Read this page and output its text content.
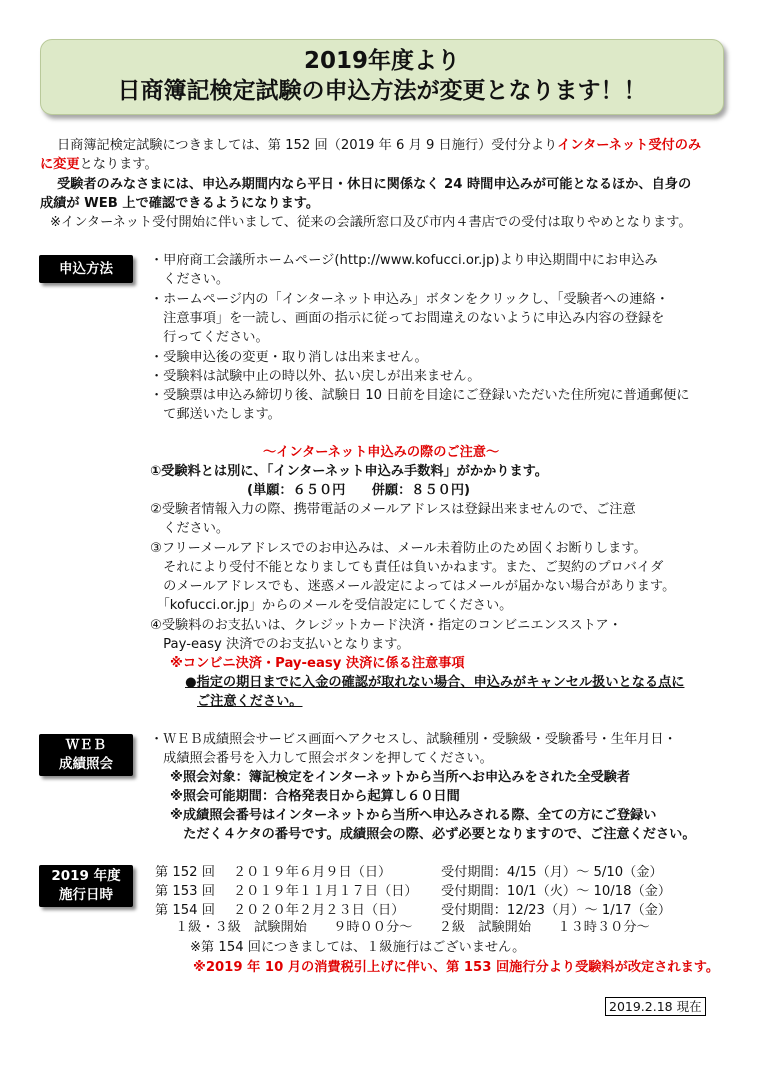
2019年度より
日商簿記検定試験の申込方法が変更となります！！
日商簿記検定試験につきましては、第 152 回（2019 年 6 月 9 日施行）受付分よりインターネット受付のみ
に変更となります。
受験者のみなさまには、申込み期間内なら平日・休日に関係なく 24 時間申込みが可能となるほか、自身の
成績が WEB 上で確認できるようになります。
※インターネット受付開始に伴いまして、従来の会議所窓口及び市内４書店での受付は取りやめとなります。
申込方法
・甲府商工会議所ホームページ(http://www.kofucci.or.jp)より申込期間中にお申込み
　ください。
・ホームページ内の「インターネット申込み」ボタンをクリックし、「受験者への連絡・
　注意事項」を一読し、画面の指示に従ってお間違えのないように申込み内容の登録を
　行ってください。
・受験申込後の変更・取り消しは出来ません。
・受験料は試験中止の時以外、払い戻しが出来ません。
・受験票は申込み締切り後、試験日 10 日前を目途にご登録いただいた住所宛に普通郵便に
　て郵送いたします。
～インターネット申込みの際のご注意～
①受験料とは別に、「インターネット申込み手数料」がかかります。
(単願：６５０円　　併願：８５０円)
②受験者情報入力の際、携帯電話のメールアドレスは登録出来ませんので、ご注意
　ください。
③フリーメールアドレスでのお申込みは、メール未着防止のため固くお断りします。
　それにより受付不能となりましても責任は負いかねます。また、ご契約のプロバイダ
　のメールアドレスでも、迷惑メール設定によってはメールが届かない場合があります。
　「kofucci.or.jp」からのメールを受信設定にしてください。
④受験料のお支払いは、クレジットカード決済・指定のコンビニエンスストア・
　Pay-easy 決済でのお支払いとなります。
※コンビニ決済・Pay-easy 決済に係る注意事項
●指定の期日までに入金の確認が取れない場合、申込みがキャンセル扱いとなる点に
ご注意ください。
ＷＥＢ
成績照会
・ＷＥＢ成績照会サービス画面へアクセスし、試験種別・受験級・受験番号・生年月日・
　成績照会番号を入力して照会ボタンを押してください。
※照会対象：簿記検定をインターネットから当所へお申込みをされた全受験者
※照会可能期間：合格発表日から起算し６０日間
※成績照会番号はインターネットから当所へ申込みされる際、全ての方にご登録い
　ただく４ケタの番号です。成績照会の際、必ず必要となりますので、ご注意ください。
2019 年度
施行日時
第 152 回 ２０１９年６月９日（日）	受付期間：4/15（月）～ 5/10（金）
第 153 回 ２０１９年１１月１７日（日） 受付期間：10/1（火）～ 10/18（金）
第 154 回 ２０２０年２月２３日（日）	受付期間：12/23（月）～ 1/17（金）
１級・３級　試験開始　　９時００分～　　２級　試験開始　　１３時３０分～
※第 154 回につきましては、１級施行はございません。
※2019 年 10 月の消費税引上げに伴い、第 153 回施行分より受験料が改定されます。
2019.2.18 現在
